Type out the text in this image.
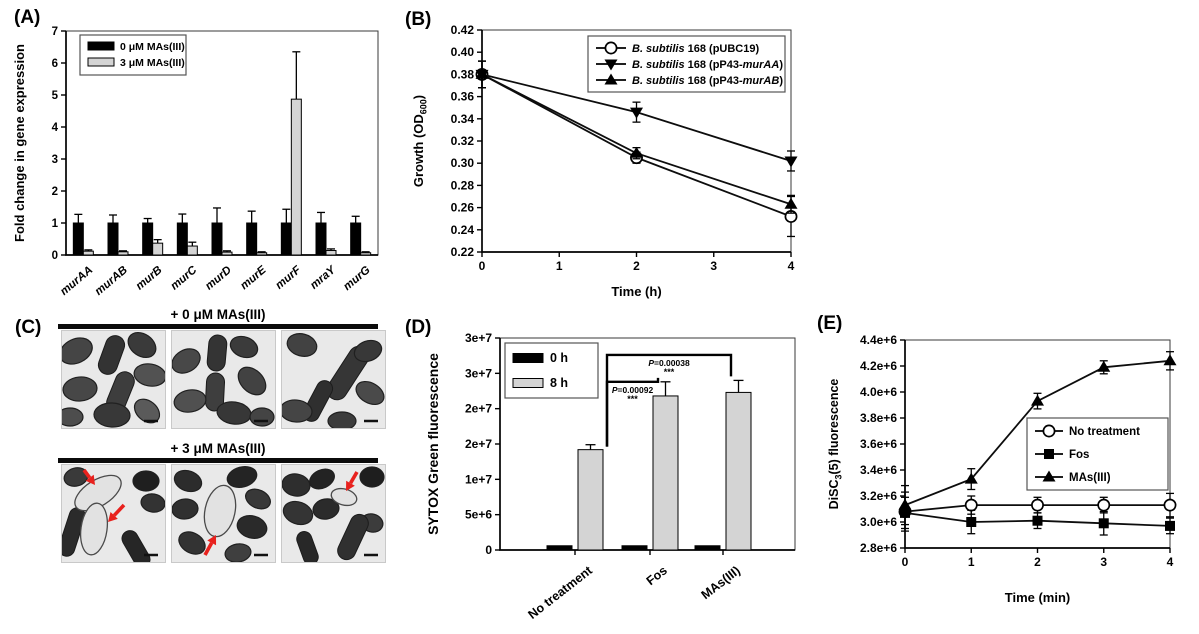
(A)
0
1
2
3
4
5
6
7
Fold change in gene expression
murAA
murAB murB murC murD murE murF mraY murG
0 μM MAs(III)
3 μM MAs(III)
(B)
0.22
0.24
0.26
0.28
0.30
0.32
0.34
0.36
0.38
0.40
0.42
0	1	2	3	4
Growth $(OD_{600})$
Time (h)
B. subtilis 168 (pUBC19)
B. subtilis 168 (pP43-murAA)
B. subtilis 168 (pP43-murAB)
(C)
+ 0 μM MAs(III)
+ 3 μM MAs(III)
(D)
0
5e+6
1e+7
2e+7
2e+7
3e+7
3e+7
SYTOX Green fluorescence
No treatment	Fos MAs(III)
P=0.00092
***
P=0.00038
***
0 h
8 h
(E)
2.8e+6
3.0e+6
3.2e+6
3.4e+6
3.6e+6
3.8e+6
4.0e+6
4.2e+6
4.4e+6
0	1	2	3	4
DiSC$_3$(5) fluorescence
Time (min)
No treatment
Fos
MAs(III)
